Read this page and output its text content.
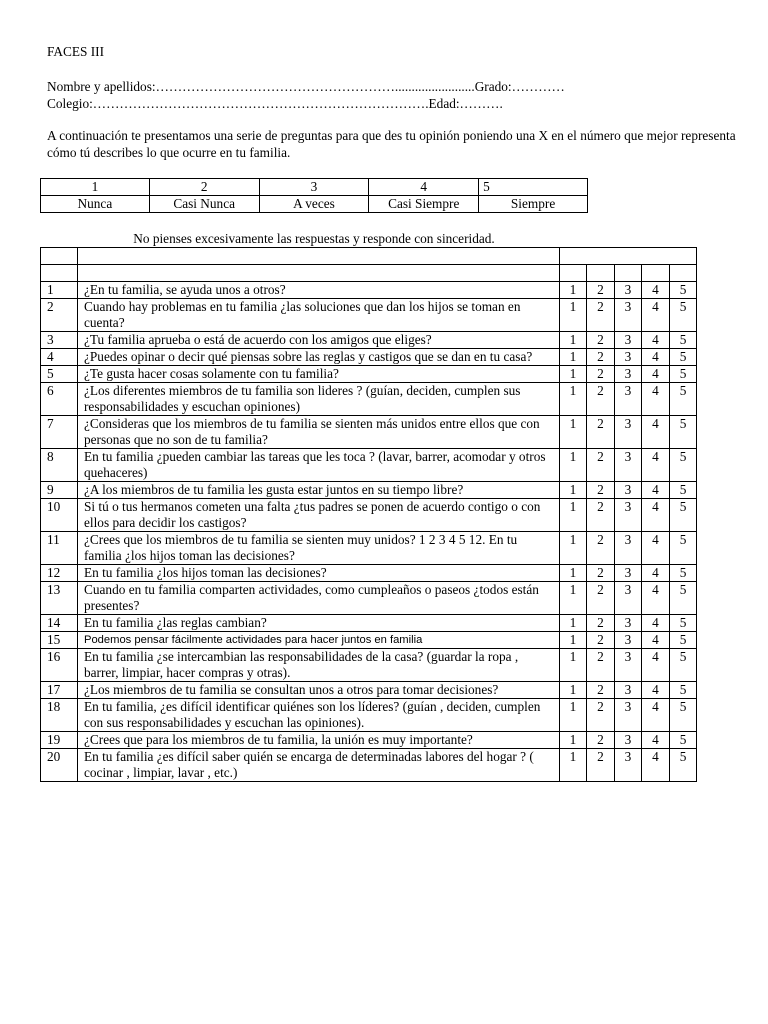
FACES III
Nombre y apellidos:………………………………………………........................Grado:…………
Colegio:………………………………………………………………….Edad:……….
A continuación te presentamos una serie de preguntas para que des tu opinión poniendo una X en el número que mejor representa cómo tú describes lo que ocurre en tu familia.
1	2	3	4	5
Nunca	Casi Nunca	A veces	Casi Siempre	Siempre
No pienses excesivamente las respuestas y responde con sinceridad.

1	¿En tu familia, se ayuda unos a otros?	1	2	3	4	5
2	Cuando hay problemas en tu familia ¿las soluciones que dan los hijos se toman en cuenta?	1	2	3	4	5
3	¿Tu familia aprueba o está de acuerdo con los amigos que eliges?	1	2	3	4	5
4	¿Puedes opinar o decir qué piensas sobre las reglas y castigos que se dan en tu casa?	1	2	3	4	5
5	¿Te gusta hacer cosas solamente con tu familia?	1	2	3	4	5
6	¿Los diferentes miembros de tu familia son lideres ? (guían, deciden, cumplen sus responsabilidades y escuchan opiniones)	1	2	3	4	5
7	¿Consideras que los miembros de tu familia se sienten más unidos entre ellos que con personas que no son de tu familia?	1	2	3	4	5
8	En tu familia ¿pueden cambiar las tareas que les toca ? (lavar, barrer, acomodar y otros quehaceres)	1	2	3	4	5
9	¿A los miembros de tu familia les gusta estar juntos en su tiempo libre?	1	2	3	4	5
10	Si tú o tus hermanos cometen una falta ¿tus padres se ponen de acuerdo contigo o con ellos para decidir los castigos?	1	2	3	4	5
11	¿Crees que los miembros de tu familia se sienten muy unidos? 1 2 3 4 5 12. En tu familia ¿los hijos toman las decisiones?	1	2	3	4	5
12	En tu familia ¿los hijos toman las decisiones?	1	2	3	4	5
13	Cuando en tu familia comparten actividades, como cumpleaños o paseos ¿todos están presentes?	1	2	3	4	5
14	En tu familia ¿las reglas cambian?	1	2	3	4	5
15	Podemos pensar fácilmente actividades para hacer juntos en familia	1	2	3	4	5
16	En tu familia ¿se intercambian las responsabilidades de la casa? (guardar la ropa , barrer, limpiar, hacer compras y otras).	1	2	3	4	5
17	¿Los miembros de tu familia se consultan unos a otros para tomar decisiones?	1	2	3	4	5
18	En tu familia, ¿es difícil identificar quiénes son los líderes? (guían , deciden, cumplen con sus responsabilidades y escuchan las opiniones).	1	2	3	4	5
19	¿Crees que para los miembros de tu familia, la unión es muy importante?	1	2	3	4	5
20	En tu familia ¿es difícil saber quién se encarga de determinadas labores del hogar ? ( cocinar , limpiar, lavar , etc.)	1	2	3	4	5
